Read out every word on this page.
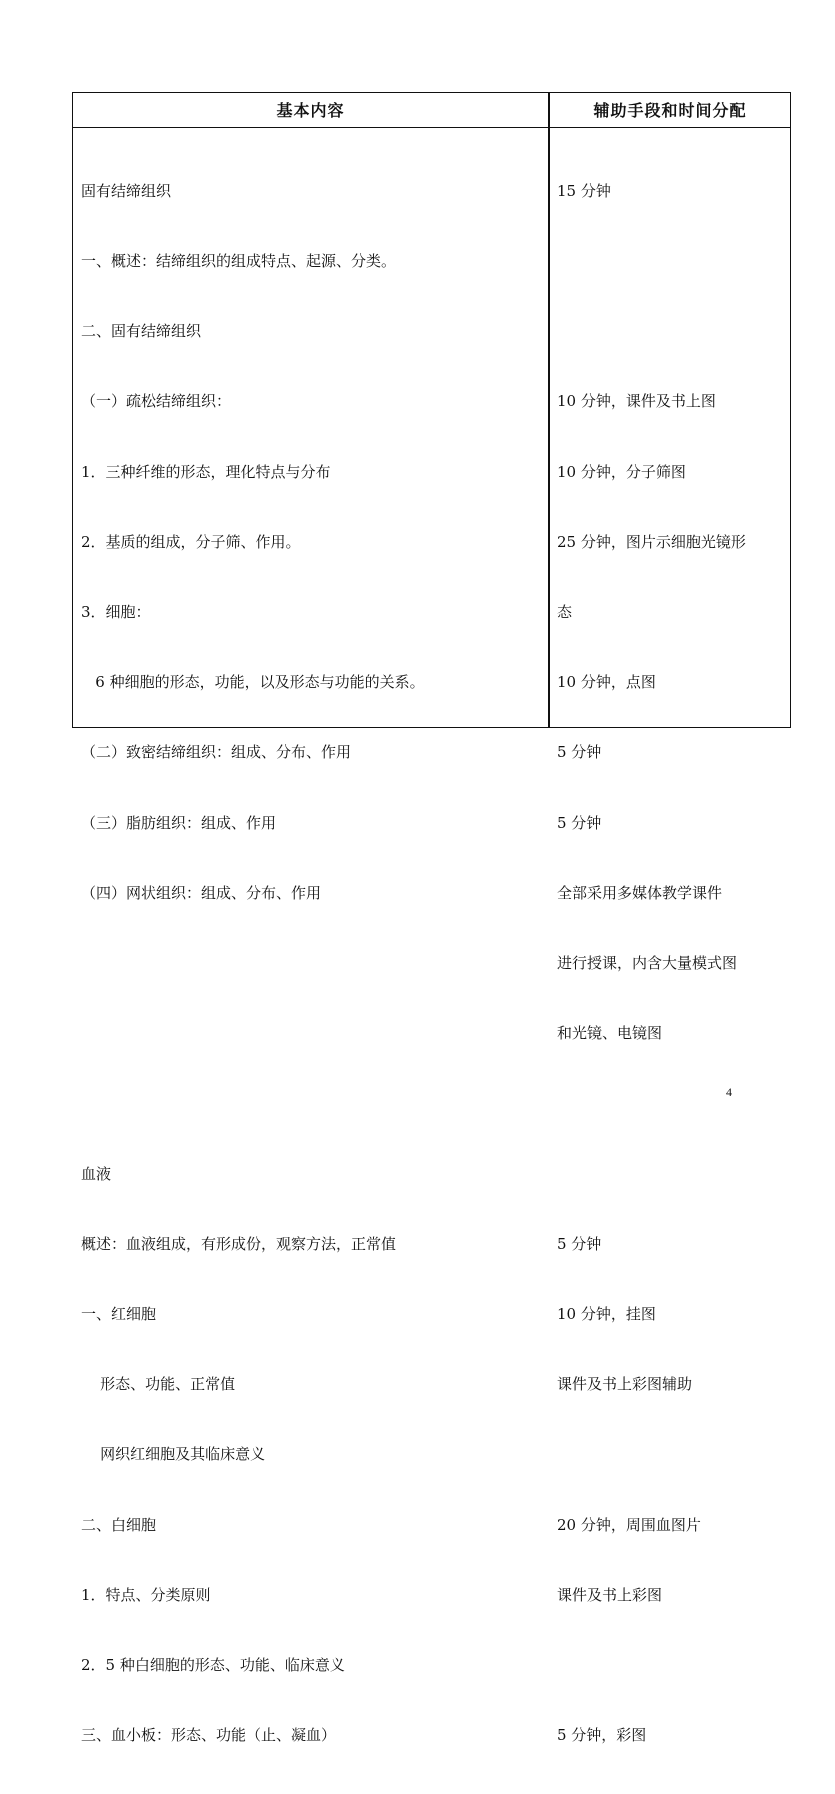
基本内容	辅助手段和时间分配

固有结缔组织

一、概述：结缔组织的组成特点、起源、分类。

二、固有结缔组织

（一）疏松结缔组织：

1．三种纤维的形态，理化特点与分布

2．基质的组成，分子筛、作用。

3．细胞：

6 种细胞的形态，功能，以及形态与功能的关系。

（二）致密结缔组织：组成、分布、作用

（三）脂肪组织：组成、作用

（四）网状组织：组成、分布、作用

血液

概述：血液组成，有形成份，观察方法，正常值

一、红细胞

形态、功能、正常值

网织红细胞及其临床意义

二、白细胞

1．特点、分类原则

2．5 种白细胞的形态、功能、临床意义

三、血小板：形态、功能（止、凝血）

15 分钟

10 分钟，课件及书上图

10 分钟，分子筛图

25 分钟，图片示细胞光镜形

态

10 分钟，点图

5 分钟

5 分钟

全部采用多媒体教学课件

进行授课，内含大量模式图

和光镜、电镜图

5 分钟

10 分钟，挂图

课件及书上彩图辅助

20 分钟，周围血图片

课件及书上彩图

5 分钟，彩图

4
